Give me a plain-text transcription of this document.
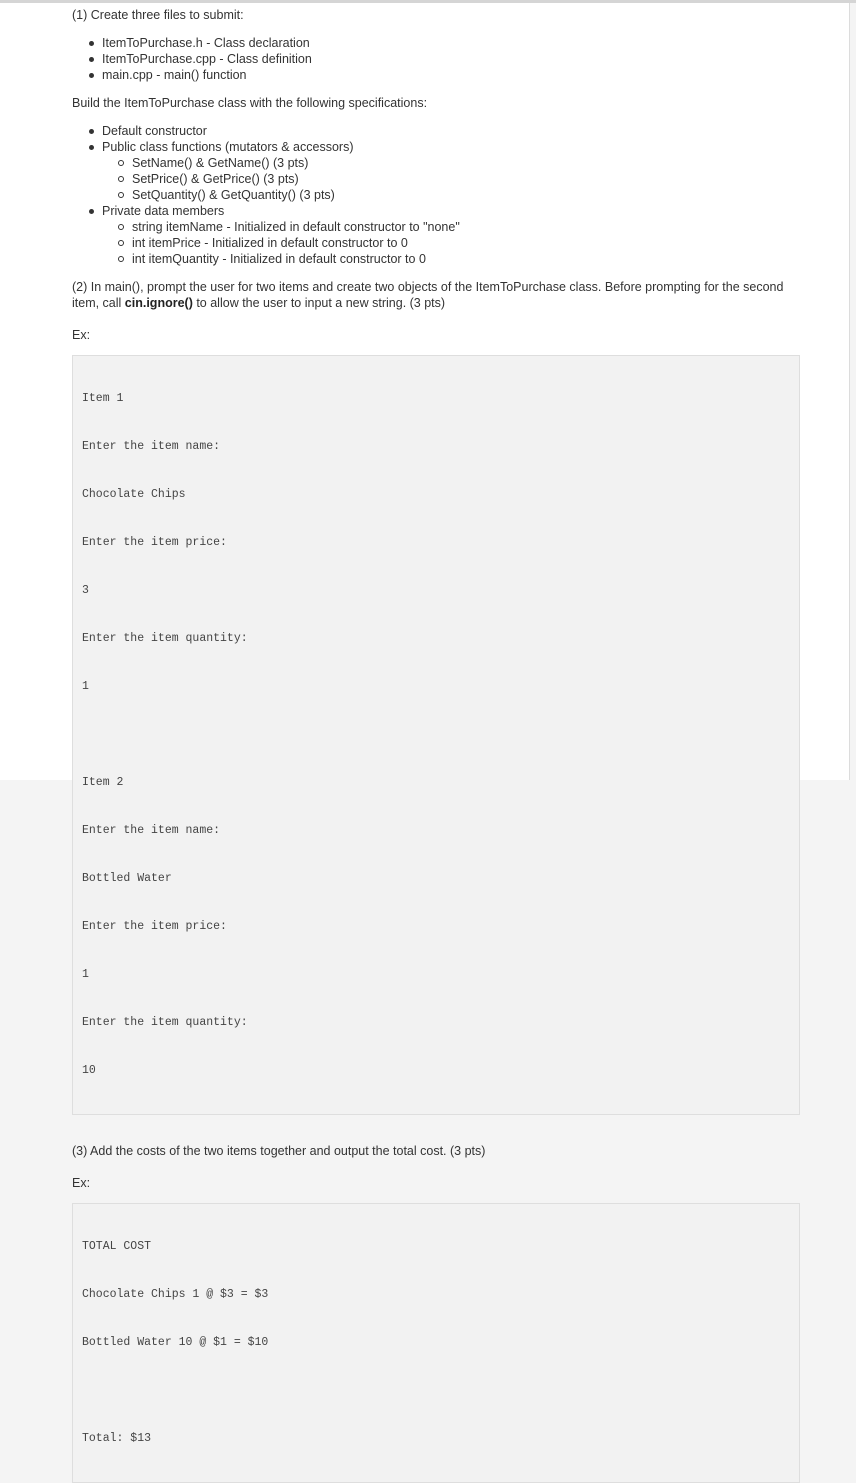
(1) Create three files to submit:

ItemToPurchase.h - Class declaration
ItemToPurchase.cpp - Class definition
main.cpp - main() function

Build the ItemToPurchase class with the following specifications:

Default constructor
Public class functions (mutators & accessors)
SetName() & GetName() (3 pts)
SetPrice() & GetPrice() (3 pts)
SetQuantity() & GetQuantity() (3 pts)
Private data members
string itemName - Initialized in default constructor to "none"
int itemPrice - Initialized in default constructor to 0
int itemQuantity - Initialized in default constructor to 0

(2) In main(), prompt the user for two items and create two objects of the ItemToPurchase class. Before prompting for the second item, call cin.ignore() to allow the user to input a new string. (3 pts)

Ex:

Item 1

Enter the item name:

Chocolate Chips

Enter the item price:

3

Enter the item quantity:

1

Item 2

Enter the item name:

Bottled Water

Enter the item price:

1

Enter the item quantity:

10

(3) Add the costs of the two items together and output the total cost. (3 pts)

Ex:

TOTAL COST

Chocolate Chips 1 @ $3 = $3

Bottled Water 10 @ $1 = $10

Total: $13
